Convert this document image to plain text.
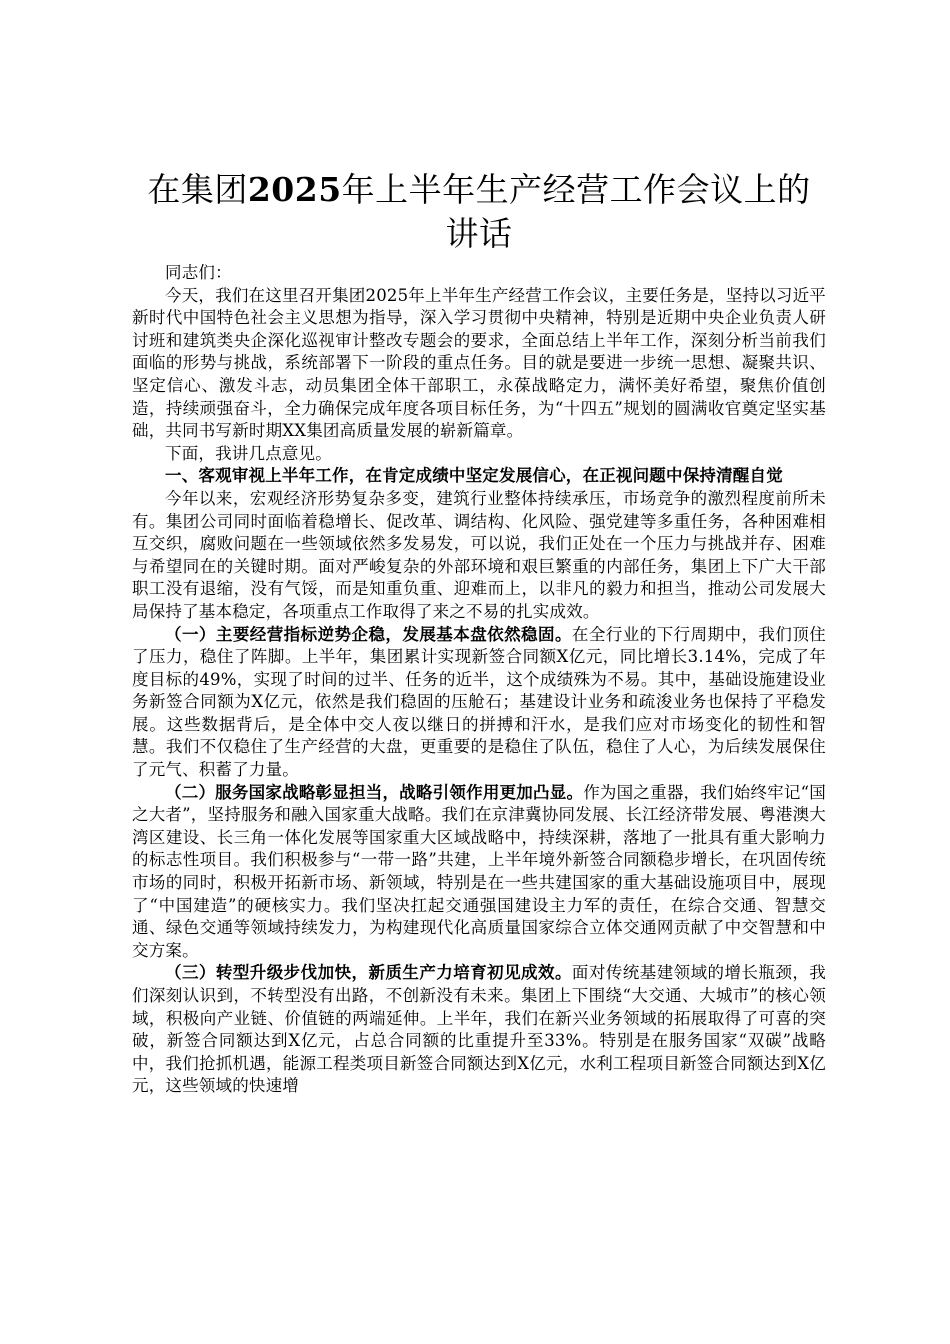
在集团2025年上半年生产经营工作会议上的讲话

同志们：

今天，我们在这里召开集团2025年上半年生产经营工作会议，主要任务是，坚持以习近平新时代中国特色社会主义思想为指导，深入学习贯彻中央精神，特别是近期中央企业负责人研讨班和建筑类央企深化巡视审计整改专题会的要求，全面总结上半年工作，深刻分析当前我们面临的形势与挑战，系统部署下一阶段的重点任务。目的就是要进一步统一思想、凝聚共识、坚定信心、激发斗志，动员集团全体干部职工，永葆战略定力，满怀美好希望，聚焦价值创造，持续顽强奋斗，全力确保完成年度各项目标任务，为“十四五”规划的圆满收官奠定坚实基础，共同书写新时期XX集团高质量发展的崭新篇章。

下面，我讲几点意见。

一、客观审视上半年工作，在肯定成绩中坚定发展信心，在正视问题中保持清醒自觉

今年以来，宏观经济形势复杂多变，建筑行业整体持续承压，市场竞争的激烈程度前所未有。集团公司同时面临着稳增长、促改革、调结构、化风险、强党建等多重任务，各种困难相互交织，腐败问题在一些领域依然多发易发，可以说，我们正处在一个压力与挑战并存、困难与希望同在的关键时期。面对严峻复杂的外部环境和艰巨繁重的内部任务，集团上下广大干部职工没有退缩，没有气馁，而是知重负重、迎难而上，以非凡的毅力和担当，推动公司发展大局保持了基本稳定，各项重点工作取得了来之不易的扎实成效。

（一）主要经营指标逆势企稳，发展基本盘依然稳固。在全行业的下行周期中，我们顶住了压力，稳住了阵脚。上半年，集团累计实现新签合同额X亿元，同比增长3.14%，完成了年度目标的49%，实现了时间的过半、任务的近半，这个成绩殊为不易。其中，基础设施建设业务新签合同额为X亿元，依然是我们稳固的压舱石；基建设计业务和疏浚业务也保持了平稳发展。这些数据背后，是全体中交人夜以继日的拼搏和汗水，是我们应对市场变化的韧性和智慧。我们不仅稳住了生产经营的大盘，更重要的是稳住了队伍，稳住了人心，为后续发展保住了元气、积蓄了力量。

（二）服务国家战略彰显担当，战略引领作用更加凸显。作为国之重器，我们始终牢记“国之大者”，坚持服务和融入国家重大战略。我们在京津冀协同发展、长江经济带发展、粤港澳大湾区建设、长三角一体化发展等国家重大区域战略中，持续深耕，落地了一批具有重大影响力的标志性项目。我们积极参与“一带一路”共建，上半年境外新签合同额稳步增长，在巩固传统市场的同时，积极开拓新市场、新领域，特别是在一些共建国家的重大基础设施项目中，展现了“中国建造”的硬核实力。我们坚决扛起交通强国建设主力军的责任，在综合交通、智慧交通、绿色交通等领域持续发力，为构建现代化高质量国家综合立体交通网贡献了中交智慧和中交方案。

（三）转型升级步伐加快，新质生产力培育初见成效。面对传统基建领域的增长瓶颈，我们深刻认识到，不转型没有出路，不创新没有未来。集团上下围绕“大交通、大城市”的核心领域，积极向产业链、价值链的两端延伸。上半年，我们在新兴业务领域的拓展取得了可喜的突破，新签合同额达到X亿元，占总合同额的比重提升至33%。特别是在服务国家“双碳”战略中，我们抢抓机遇，能源工程类项目新签合同额达到X亿元，水利工程项目新签合同额达到X亿元，这些领域的快速增
